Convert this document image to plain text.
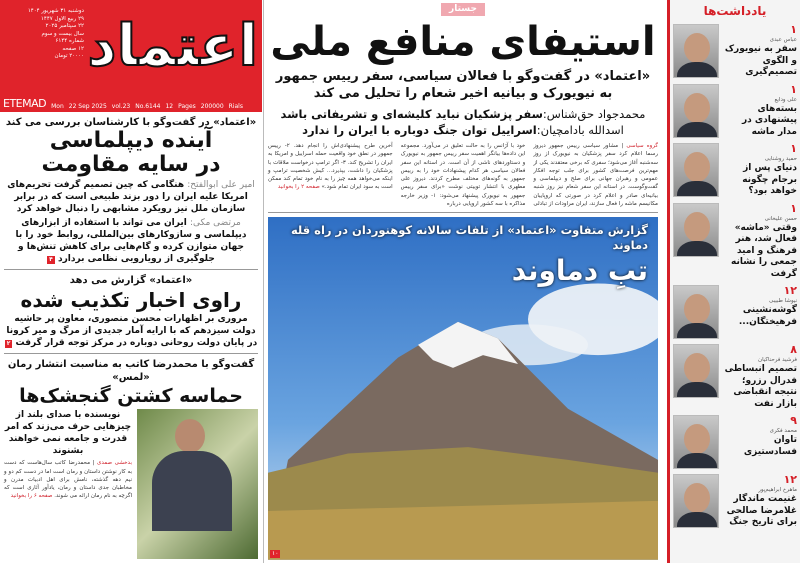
اعتماد
دوشنبه ۳۱ شهریور ۱۴۰۴
۲۹ ربیع الاول ۱۴۴۷
۲۲ سپتامبر ۲۰۲۵
سال بیست و سوم
شماره ۶۱۴۴
۱۲ صفحه
۲۰۰۰۰ تومان
ETEMAD Mon 22 Sep 2025 vol.23 No.6144 12 Pages 200000 Rials
«اعتماد» در گفت‌وگو با کارشناسان بررسی می کند
آینده دیپلماسی
در سایه مقاومت
امیر علی ابوالفتح: هنگامی که چین تصمیم گرفت تحریم‌های امریکا علیه ایران را دور بزند طبیعی است که در برابر سازمان ملل نیز رویکرد مشابهی را دنبال خواهد کرد
مرتضی مکی: ایران می تواند با استفاده از ابزارهای دیپلماسی و سازوکارهای بین‌المللی، روابط خود را با جهان متوازن کرده و گام‌هایی برای کاهش تنش‌ها و جلوگیری از رویارویی نظامی بردارد ۴
«اعتماد» گزارش می دهد
راوی اخبار تکذیب شده
مروری بر اظهارات محسن منصوری، معاون پر حاشیه دولت سیزدهم که با ارایه آمار جدیدی از مرگ و میر کرونا در پایان دولت روحانی دوباره در مرکز توجه قرار گرفت ۲
گفت‌وگو با محمدرضا کاتب به مناسبت انتشار رمان «لمس»
حماسه کشتن گنجشک‌ها
نویسنده با صدای بلند از چیزهایی حرف می‌زند که امر قدرت و جامعه نمی خواهند بشنوند
بدخشی صمدی | محمدرضا کاتب سال‌هاست که دست به کار نوشتن داستان و رمان است اما در دست کم دو و نیم دهه گذشته، نامش برای اهل ادبیات مدرن و مخاطبان جدی داستان و رمان، یادآور آثاری است که اگرچه به نام رمان ارائه می شوند. صفحه ۶ را بخوانید
جستار
استیفای منافع ملی
«اعتماد» در گفت‌وگو با فعالان سیاسی، سفر رییس جمهور به نیویورک و بیانیه اخیر شعام را تحلیل می کند
محمدجواد حق‌شناس:سفر پزشکیان نباید کلیشه‌ای و تشریفاتی باشد
اسدالله بادامچیان:اسراییل توان جنگ دوباره با ایران را ندارد
گروه سیاسی | مشاور سیاسی رییس جمهور دیروز رسما اعلام کرد سفر پزشکیان به نیویورک از روز سه‌شنبه آغاز می‌شود؛ سفری که برخی معتقدند یکی از مهم‌ترین فرصت‌های کشور برای جلب توجه افکار عمومی و رهبران جهانی برای صلح و دیپلماسی و گفت‌وگوست. در استانه این سفر شعام نیز روز شنبه بیانیه‌ای صادر و اعلام کرد در صورتی که اروپاییان مکانیسم ماشه را فعال سازند، ایران مراودات از تبادلی
خود با آژانس را به حالت تعلیق در می‌آورد. مجموعه این داده‌ها بیانگر اهمیت سفر رییس جمهور به نیویورک و دستاوردهای ناشی از آن است. در استانه این سفر فعالان سیاسی هر کدام پیشنهادات خود را به رییس جمهور به گونه‌های مختلف مطرح کردند. دیروز علی مطهری با انتشار توییتی نوشت «برای سفر رییس جمهور به نیویورک پیشنهاد می‌شود: ۱- وزیر خارجه مذاکره با سه کشور اروپایی درباره
آخرین طرح پیشنهادی‌اش را انجام دهد. ۲- رییس جمهور در نطق خود واقعیت حمله اسراییل و امریکا به ایران را تشریح کند. ۳- اگر ترامپ درخواست ملاقات با پزشکیان را داشت، بپذیرد... کیش شخصیت ترامپ و اینکه می‌خواهد همه چیز را به نام خود تمام کند ممکن است به سود ایران تمام شود.» صفحه ۲ را بخوانید
گزارش متفاوت «اعتماد» از تلفات سالانه کوهنوردان در راه قله دماوند
تبِ دماوند
۱۰
یادداشت‌ها
۱
عباس عبدی
سفر به نیویورک و الگوی تصمیم‌گیری
۱
علی ودایع
بسته‌های پیشنهادی در مدار ماشه
۱
حمید روشنایی
دنیای پس از برجام چگونه خواهد بود؟
۱
حسن علیخانی
وقتی «ماشه» فعال شد، هنر فرهنگ و امید جمعی را نشانه گرفت
۱۲
نیوشا طبیبی
گوشه‌نشینی فرهیختگان...
۸
فرشید فرحناکیان
تصمیم انبساطی فدرال رزرو؛ نتیجه انقباضی بازار نفت
۹
محمد فکری
تاوان فسادستیزی
۱۲
ماهرخ ابراهیم‌پور
غنیمت ماندگار غلامرضا صالحی برای تاریخ جنگ
